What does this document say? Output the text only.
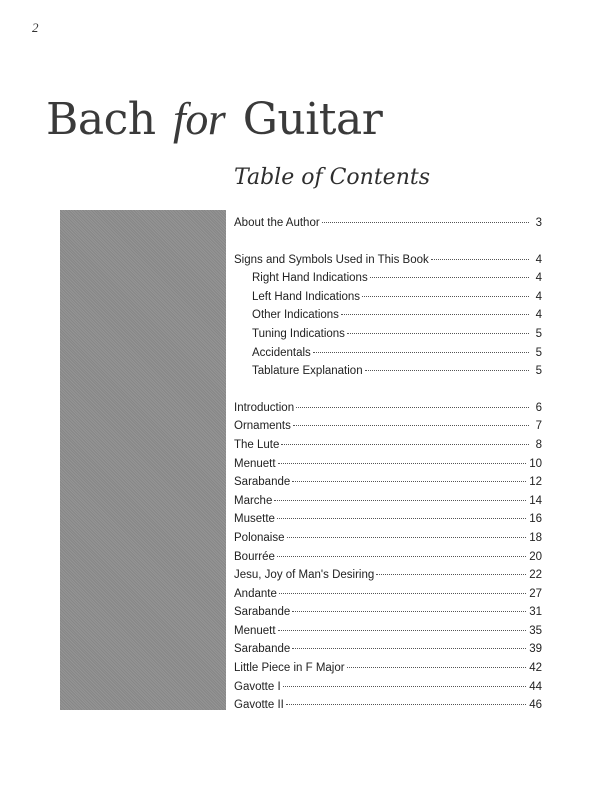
2
Bach for Guitar
Table of Contents
About the Author	3
Signs and Symbols Used in This Book	4
Right Hand Indications	4
Left Hand Indications	4
Other Indications	4
Tuning Indications	5
Accidentals	5
Tablature Explanation	5
Introduction	6
Ornaments	7
The Lute	8
Menuett	10
Sarabande	12
Marche	14
Musette	16
Polonaise	18
Bourrée	20
Jesu, Joy of Man's Desiring	22
Andante	27
Sarabande	31
Menuett	35
Sarabande	39
Little Piece in F Major	42
Gavotte I	44
Gavotte II	46
